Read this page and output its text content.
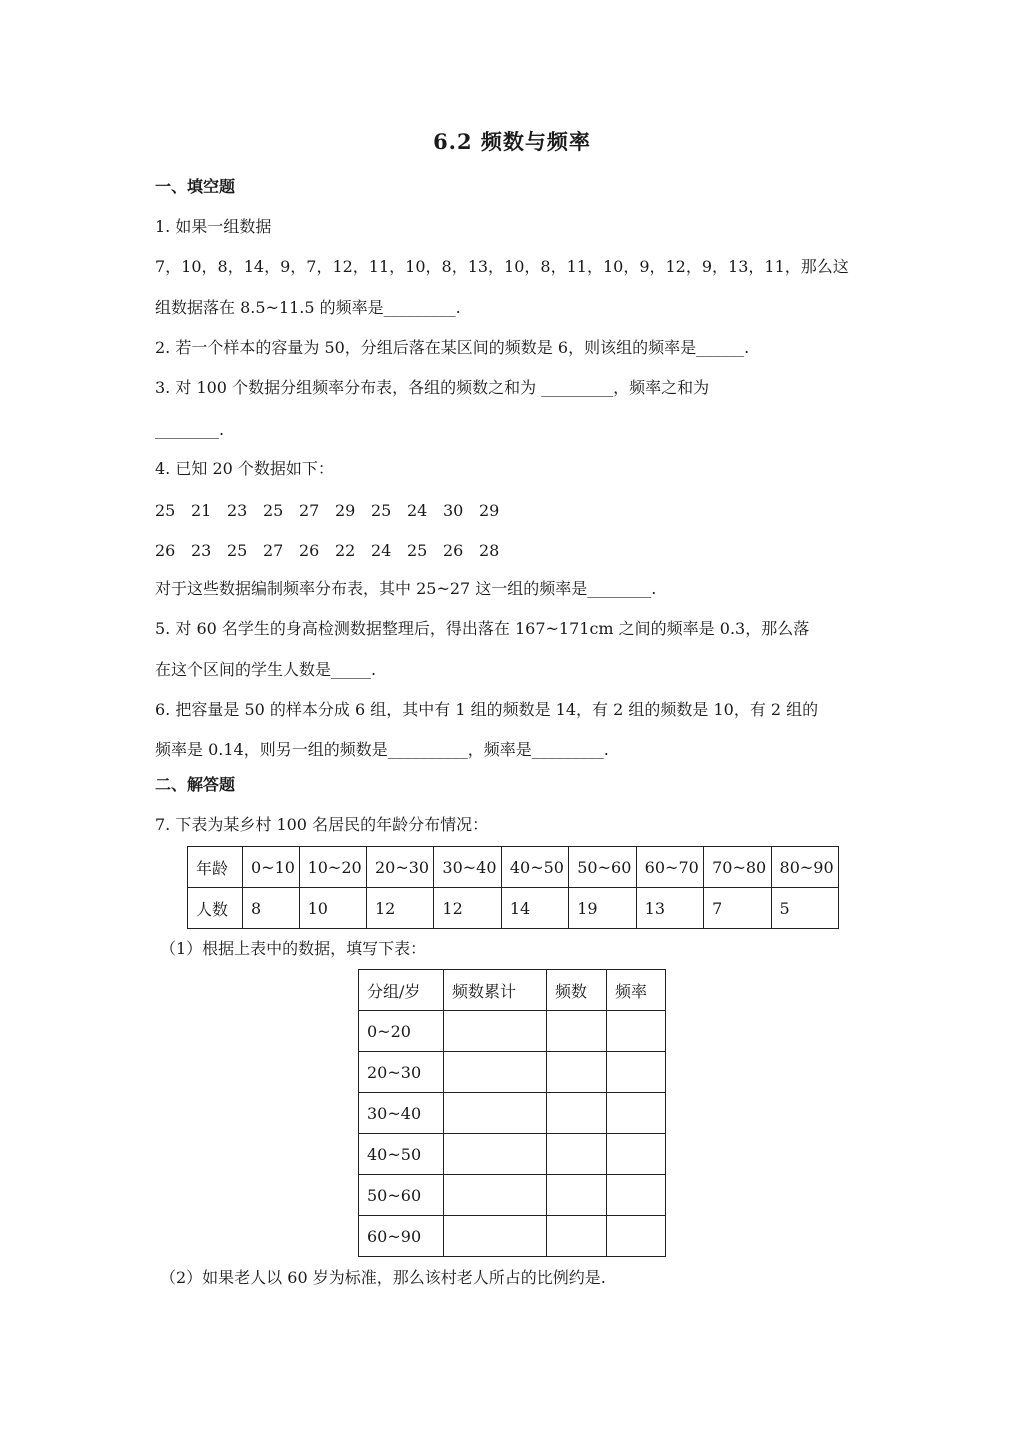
6.2 频数与频率
一、填空题
1. 如果一组数据
7，10，8，14，9，7，12，11，10，8，13，10，8，11，10，9，12，9，13，11，那么这
组数据落在 8.5~11.5 的频率是_________.
2. 若一个样本的容量为 50，分组后落在某区间的频数是 6，则该组的频率是______.
3. 对 100 个数据分组频率分布表，各组的频数之和为 _________，频率之和为
________.
4. 已知 20 个数据如下：
25 21 23 25 27 29 25 24 30 29
26 23 25 27 26 22 24 25 26 28
对于这些数据编制频率分布表，其中 25~27 这一组的频率是________.
5. 对 60 名学生的身高检测数据整理后，得出落在 167~171cm 之间的频率是 0.3，那么落
在这个区间的学生人数是_____.
6. 把容量是 50 的样本分成 6 组，其中有 1 组的频数是 14，有 2 组的频数是 10，有 2 组的
频率是 0.14，则另一组的频数是__________，频率是_________.
二、解答题
7. 下表为某乡村 100 名居民的年龄分布情况：
年龄	0~10	10~20	20~30	30~40	40~50	50~60	60~70	70~80	80~90
人数	8	10	12	12	14	19	13	7	5
（1）根据上表中的数据，填写下表：
分组/岁	频数累计	频数	频率
0~20			
20~30			
30~40			
40~50			
50~60			
60~90			
（2）如果老人以 60 岁为标准，那么该村老人所占的比例约是.
